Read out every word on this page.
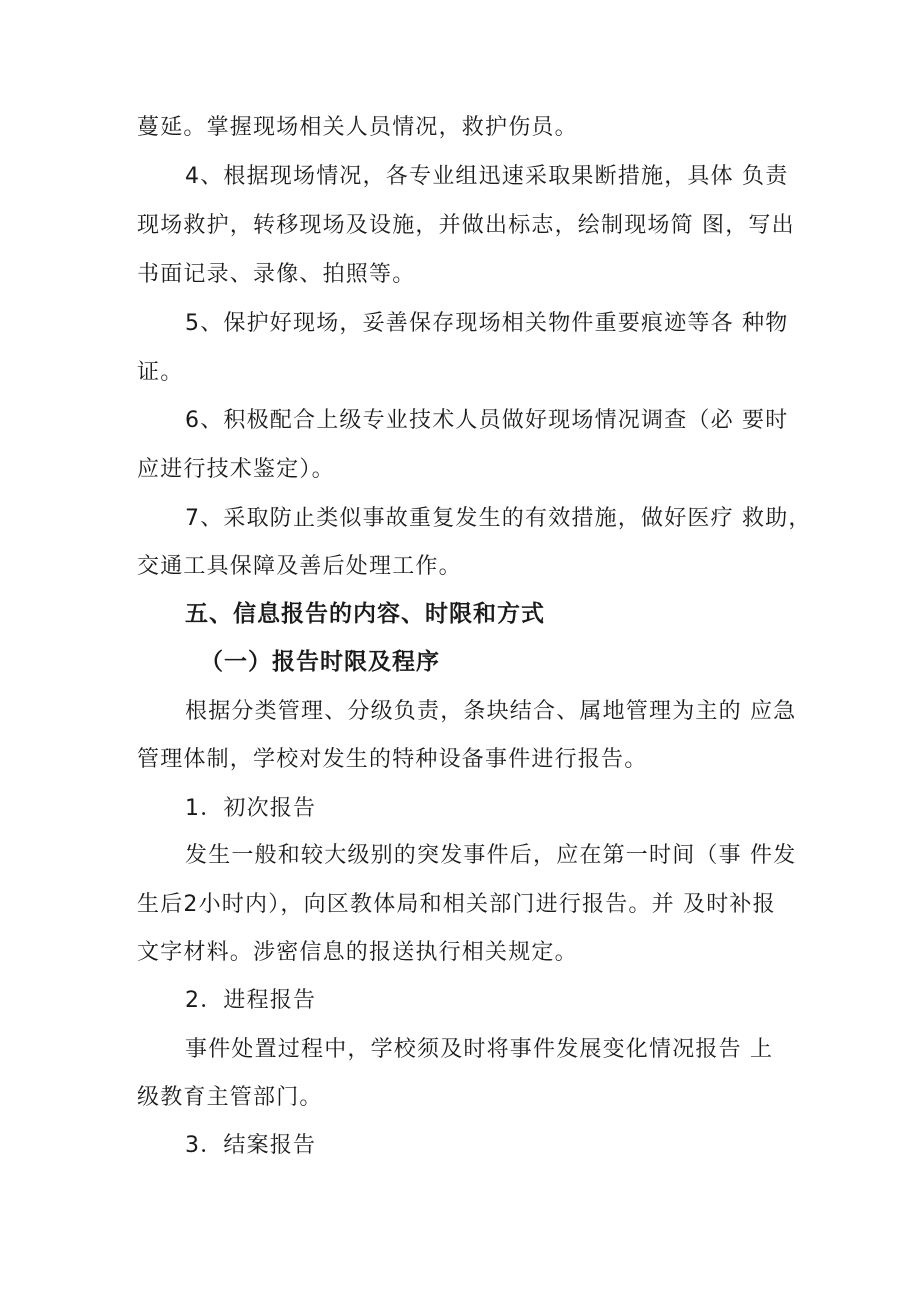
蔓延。掌握现场相关人员情况，救护伤员。
4、根据现场情况，各专业组迅速采取果断措施，具体 负责
现场救护，转移现场及设施，并做出标志，绘制现场简 图，写出
书面记录、录像、拍照等。
5、保护好现场，妥善保存现场相关物件重要痕迹等各 种物
证。
6、积极配合上级专业技术人员做好现场情况调查（必 要时
应进行技术鉴定）。
7、采取防止类似事故重复发生的有效措施，做好医疗 救助，
交通工具保障及善后处理工作。
五、信息报告的内容、时限和方式
（一）报告时限及程序
根据分类管理、分级负责，条块结合、属地管理为主的 应急
管理体制，学校对发生的特种设备事件进行报告。
1．初次报告
发生一般和较大级别的突发事件后，应在第一时间（事 件发
生后2小时内），向区教体局和相关部门进行报告。并 及时补报
文字材料。涉密信息的报送执行相关规定。
2．进程报告
事件处置过程中，学校须及时将事件发展变化情况报告 上
级教育主管部门。
3．结案报告
